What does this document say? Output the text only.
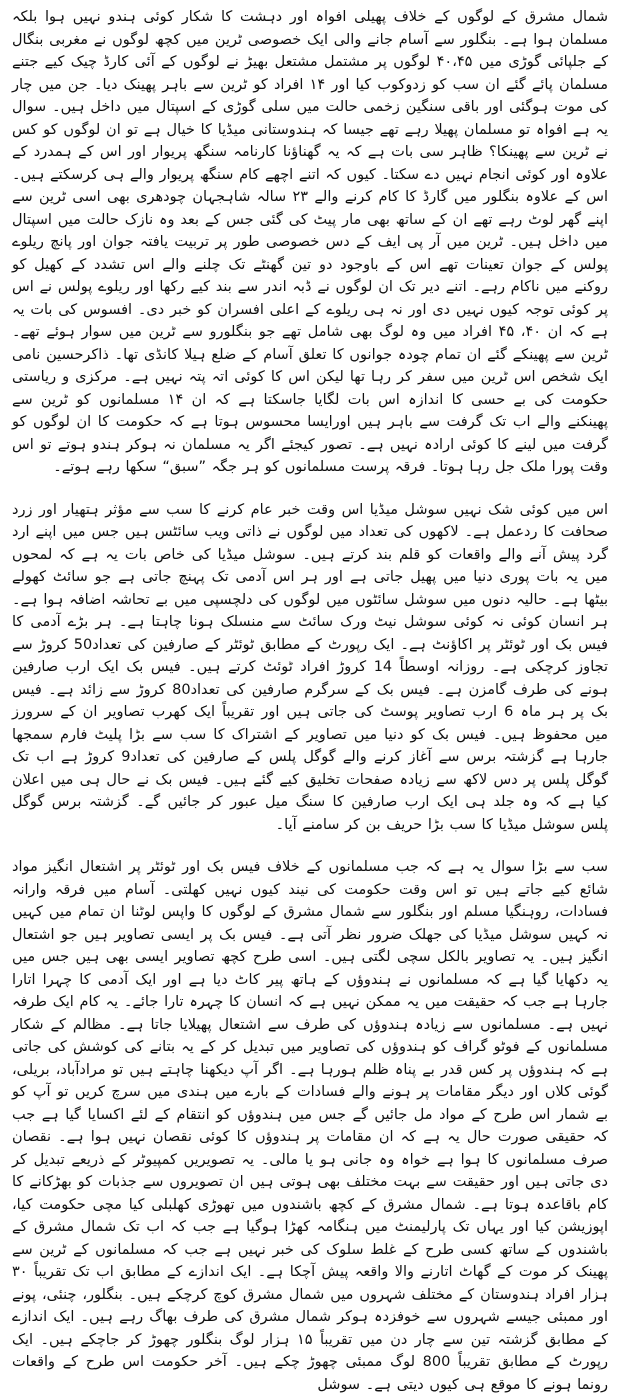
شمال مشرق کے لوگوں کے خلاف پھیلی افواہ اور دہشت کا شکار کوئی ہندو نہیں ہوا بلکہ مسلمان ہوا ہے۔ بنگلور سے آسام جانے والی ایک خصوصی ٹرین میں کچھ لوگوں نے مغربی بنگال کے جلپائی گوڑی میں ۴۰،۴۵ لوگوں پر مشتمل مشتعل بھیڑ نے لوگوں کے آئی کارڈ چیک کیے جتنے مسلمان پائے گئے ان سب کو زدوکوب کیا اور ۱۴ افراد کو ٹرین سے باہر پھینک دیا۔ جن میں چار کی موت ہوگئی اور باقی سنگین زخمی حالت میں سلی گوڑی کے اسپتال میں داخل ہیں۔ سوال یہ ہے افواہ تو مسلمان پھیلا رہے تھے جیسا کہ ہندوستانی میڈیا کا خیال ہے تو ان لوگوں کو کس نے ٹرین سے پھینکا؟ ظاہر سی بات ہے کہ یہ گھناؤنا کارنامہ سنگھ پریوار اور اس کے ہمدرد کے علاوہ اور کوئی انجام نہیں دے سکتا۔ کیوں کہ اتنے اچھے کام سنگھ پریوار والے ہی کرسکتے ہیں۔ اس کے علاوہ بنگلور میں گارڈ کا کام کرنے والے ۲۳ سالہ شاہجہان چودھری بھی اسی ٹرین سے اپنے گھر لوٹ رہے تھے ان کے ساتھ بھی مار پیٹ کی گئی جس کے بعد وہ نازک حالت میں اسپتال میں داخل ہیں۔ ٹرین میں آر پی ایف کے دس خصوصی طور پر تربیت یافتہ جوان اور پانچ ریلوے پولس کے جوان تعینات تھے اس کے باوجود دو تین گھنٹے تک چلنے والے اس تشدد کے کھیل کو روکنے میں ناکام رہے۔ اتنے دیر تک ان لوگوں نے ڈبہ اندر سے بند کیے رکھا اور ریلوے پولس نے اس پر کوئی توجہ کیوں نہیں دی اور نہ ہی ریلوے کے اعلی افسران کو خبر دی۔ افسوس کی بات یہ ہے کہ ان ۴۰، ۴۵ افراد میں وہ لوگ بھی شامل تھے جو بنگلورو سے ٹرین میں سوار ہوئے تھے۔ ٹرین سے پھینکے گئے ان تمام چودہ جوانوں کا تعلق آسام کے ضلع ہیلا کانڈی تھا۔ ذاکرحسین نامی ایک شخص اس ٹرین میں سفر کر رہا تھا لیکن اس کا کوئی اتہ پتہ نہیں ہے۔ مرکزی و ریاستی حکومت کی بے حسی کا اندازہ اس بات لگایا جاسکتا ہے کہ ان ۱۴ مسلمانوں کو ٹرین سے پھینکنے والے اب تک گرفت سے باہر ہیں اورایسا محسوس ہوتا ہے کہ حکومت کا ان لوگوں کو گرفت میں لینے کا کوئی ارادہ نہیں ہے۔ تصور کیجئے اگر یہ مسلمان نہ ہوکر ہندو ہوتے تو اس وقت پورا ملک جل رہا ہوتا۔ فرقہ پرست مسلمانوں کو ہر جگہ ”سبق“ سکھا رہے ہوتے۔

اس میں کوئی شک نہیں سوشل میڈیا اس وقت خبر عام کرنے کا سب سے مؤثر ہتھیار اور زرد صحافت کا ردعمل ہے۔ لاکھوں کی تعداد میں لوگوں نے ذاتی ویب سائٹس ہیں جس میں اپنے ارد گرد پیش آنے والے واقعات کو قلم بند کرتے ہیں۔ سوشل میڈیا کی خاص بات یہ ہے کہ لمحوں میں یہ بات پوری دنیا میں پھیل جاتی ہے اور ہر اس آدمی تک پہنچ جاتی ہے جو سائٹ کھولے بیٹھا ہے۔ حالیہ دنوں میں سوشل سائٹوں میں لوگوں کی دلچسپی میں بے تحاشہ اضافہ ہوا ہے۔ ہر انسان کوئی نہ کوئی سوشل نیٹ ورک سائٹ سے منسلک ہونا چاہتا ہے۔ ہر بڑے آدمی کا فیس بک اور ٹوئٹر پر اکاؤنٹ ہے۔ ایک رپورٹ کے مطابق ٹوئٹر کے صارفین کی تعداد50 کروڑ سے تجاوز کرچکی ہے۔ روزانہ اوسطاً 14 کروڑ افراد ٹوئٹ کرتے ہیں۔ فیس بک ایک ارب صارفین ہونے کی طرف گامزن ہے۔ فیس بک کے سرگرم صارفین کی تعداد80 کروڑ سے زائد ہے۔ فیس بک پر ہر ماہ 6 ارب تصاویر پوسٹ کی جاتی ہیں اور تقریباً ایک کھرب تصاویر ان کے سرورز میں محفوظ ہیں۔ فیس بک کو دنیا میں تصاویر کے اشتراک کا سب سے بڑا پلیٹ فارم سمجھا جارہا ہے گزشتہ برس سے آغاز کرنے والے گوگل پلس کے صارفین کی تعداد9 کروڑ ہے اب تک گوگل پلس پر دس لاکھ سے زیادہ صفحات تخلیق کیے گئے ہیں۔ فیس بک نے حال ہی میں اعلان کیا ہے کہ وہ جلد ہی ایک ارب صارفین کا سنگ میل عبور کر جائیں گے۔ گزشتہ برس گوگل پلس سوشل میڈیا کا سب بڑا حریف بن کر سامنے آیا۔

سب سے بڑا سوال یہ ہے کہ جب مسلمانوں کے خلاف فیس بک اور ٹوئٹر پر اشتعال انگیز مواد شائع کیے جاتے ہیں تو اس وقت حکومت کی نیند کیوں نہیں کھلتی۔ آسام میں فرقہ وارانہ فسادات، روہنگیا مسلم اور بنگلور سے شمال مشرق کے لوگوں کا واپس لوٹنا ان تمام میں کہیں نہ کہیں سوشل میڈیا کی جھلک ضرور نظر آتی ہے۔ فیس بک پر ایسی تصاویر ہیں جو اشتعال انگیز ہیں۔ یہ تصاویر بالکل سچی لگتی ہیں۔ اسی طرح کچھ تصاویر ایسی بھی ہیں جس میں یہ دکھایا گیا ہے کہ مسلمانوں نے ہندوؤں کے ہاتھ پیر کاٹ دیا ہے اور ایک آدمی کا چہرا اتارا جارہا ہے جب کہ حقیقت میں یہ ممکن نہیں ہے کہ انسان کا چہرہ تارا جائے۔ یہ کام ایک طرفہ نہیں ہے۔ مسلمانوں سے زیادہ ہندوؤں کی طرف سے اشتعال پھیلایا جاتا ہے۔ مظالم کے شکار مسلمانوں کے فوٹو گراف کو ہندوؤں کی تصاویر میں تبدیل کر کے یہ بتانے کی کوشش کی جاتی ہے کہ ہندوؤں پر کس قدر بے پناہ ظلم ہورہا ہے۔ اگر آپ دیکھنا چاہتے ہیں تو مرادآباد، بریلی، گوئی کلاں اور دیگر مقامات پر ہونے والے فسادات کے بارے میں ہندی میں سرچ کریں تو آپ کو بے شمار اس طرح کے مواد مل جائیں گے جس میں ہندوؤں کو انتقام کے لئے اکسایا گیا ہے جب کہ حقیقی صورت حال یہ ہے کہ ان مقامات پر ہندوؤں کا کوئی نقصان نہیں ہوا ہے۔ نقصان صرف مسلمانوں کا ہوا ہے خواہ وہ جانی ہو یا مالی۔ یہ تصویریں کمپیوٹر کے ذریعے تبدیل کر دی جاتی ہیں اور حقیقت سے بہت مختلف بھی ہوتی ہیں ان تصویروں سے جذبات کو بھڑکانے کا کام باقاعدہ ہوتا ہے۔ شمال مشرق کے کچھ باشندوں میں تھوڑی کھلبلی کیا مچی حکومت کیا، اپوزیشن کیا اور یہاں تک پارلیمنٹ میں ہنگامہ کھڑا ہوگیا ہے جب کہ اب تک شمال مشرق کے باشندوں کے ساتھ کسی طرح کے غلط سلوک کی خبر نہیں ہے جب کہ مسلمانوں کے ٹرین سے پھینک کر موت کے گھاٹ اتارنے والا واقعہ پیش آچکا ہے۔ ایک اندازے کے مطابق اب تک تقریباً ۳۰ ہزار افراد ہندوستان کے مختلف شہروں میں شمال مشرق کوچ کرچکے ہیں۔ بنگلور، چنئی، پونے اور ممبئی جیسے شہروں سے خوفزدہ ہوکر شمال مشرق کی طرف بھاگ رہے ہیں۔ ایک اندازے کے مطابق گزشتہ تین سے چار دن میں تقریباً ۱۵ ہزار لوگ بنگلور چھوڑ کر جاچکے ہیں۔ ایک رپورٹ کے مطابق تقریباً 800 لوگ ممبئی چھوڑ چکے ہیں۔ آخر حکومت اس طرح کے واقعات رونما ہونے کا موقع ہی کیوں دیتی ہے۔ سوشل
